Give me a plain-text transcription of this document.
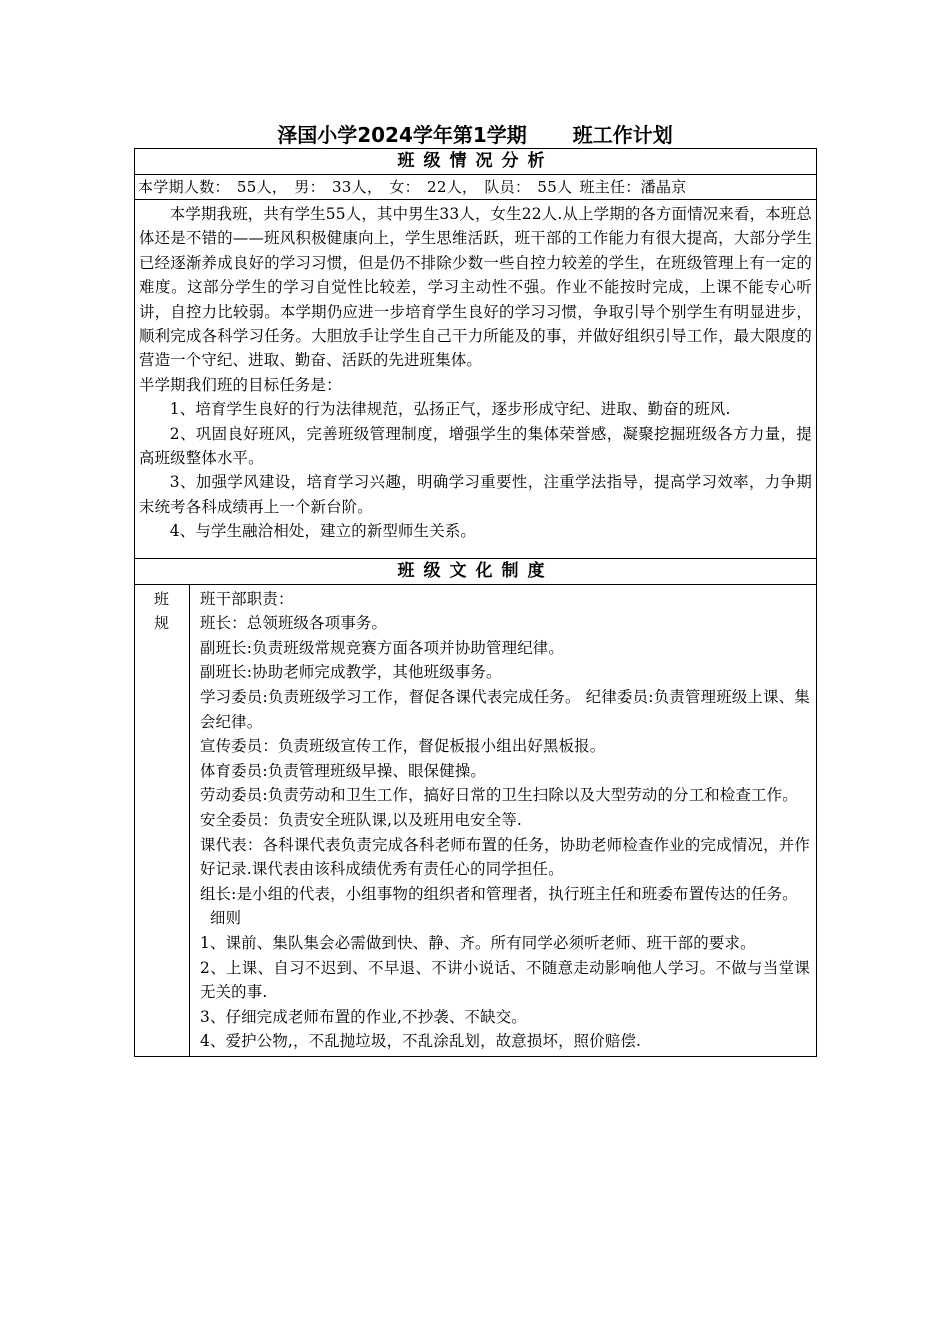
泽国小学2024学年第1学期 班工作计划
班级情况分析
本学期人数： 55人， 男： 33人， 女： 22人， 队员： 55人 班主任：潘晶京

本学期我班，共有学生55人，其中男生33人，女生22人.从上学期的各方面情况来看，本班总体还是不错的——班风积极健康向上，学生思维活跃，班干部的工作能力有很大提高，大部分学生已经逐渐养成良好的学习习惯，但是仍不排除少数一些自控力较差的学生，在班级管理上有一定的难度。这部分学生的学习自觉性比较差，学习主动性不强。作业不能按时完成，上课不能专心听讲，自控力比较弱。本学期仍应进一步培育学生良好的学习习惯，争取引导个别学生有明显进步，顺利完成各科学习任务。大胆放手让学生自己干力所能及的事，并做好组织引导工作，最大限度的营造一个守纪、进取、勤奋、活跃的先进班集体。

半学期我们班的目标任务是：

1、培育学生良好的行为法律规范，弘扬正气，逐步形成守纪、进取、勤奋的班风.

2、巩固良好班风，完善班级管理制度，增强学生的集体荣誉感，凝聚挖掘班级各方力量，提高班级整体水平。

3、加强学风建设，培育学习兴趣，明确学习重要性，注重学法指导，提高学习效率，力争期末统考各科成绩再上一个新台阶。

4、与学生融洽相处，建立的新型师生关系。

班级文化制度

班规

班干部职责：

班长：总领班级各项事务。

副班长:负责班级常规竞赛方面各项并协助管理纪律。

副班长:协助老师完成教学，其他班级事务。

学习委员:负责班级学习工作，督促各课代表完成任务。 纪律委员:负责管理班级上课、集会纪律。

宣传委员：负责班级宣传工作，督促板报小组出好黑板报。

体育委员:负责管理班级早操、眼保健操。

劳动委员:负责劳动和卫生工作，搞好日常的卫生扫除以及大型劳动的分工和检查工作。

安全委员：负责安全班队课,以及班用电安全等.

课代表：各科课代表负责完成各科老师布置的任务，协助老师检查作业的完成情况，并作好记录.课代表由该科成绩优秀有责任心的同学担任。

组长:是小组的代表，小组事物的组织者和管理者，执行班主任和班委布置传达的任务。

细则

1、课前、集队集会必需做到快、静、齐。所有同学必须听老师、班干部的要求。

2、上课、自习不迟到、不早退、不讲小说话、不随意走动影响他人学习。不做与当堂课无关的事.

3、仔细完成老师布置的作业,不抄袭、不缺交。

4、爱护公物,，不乱抛垃圾，不乱涂乱划，故意损坏，照价赔偿.
